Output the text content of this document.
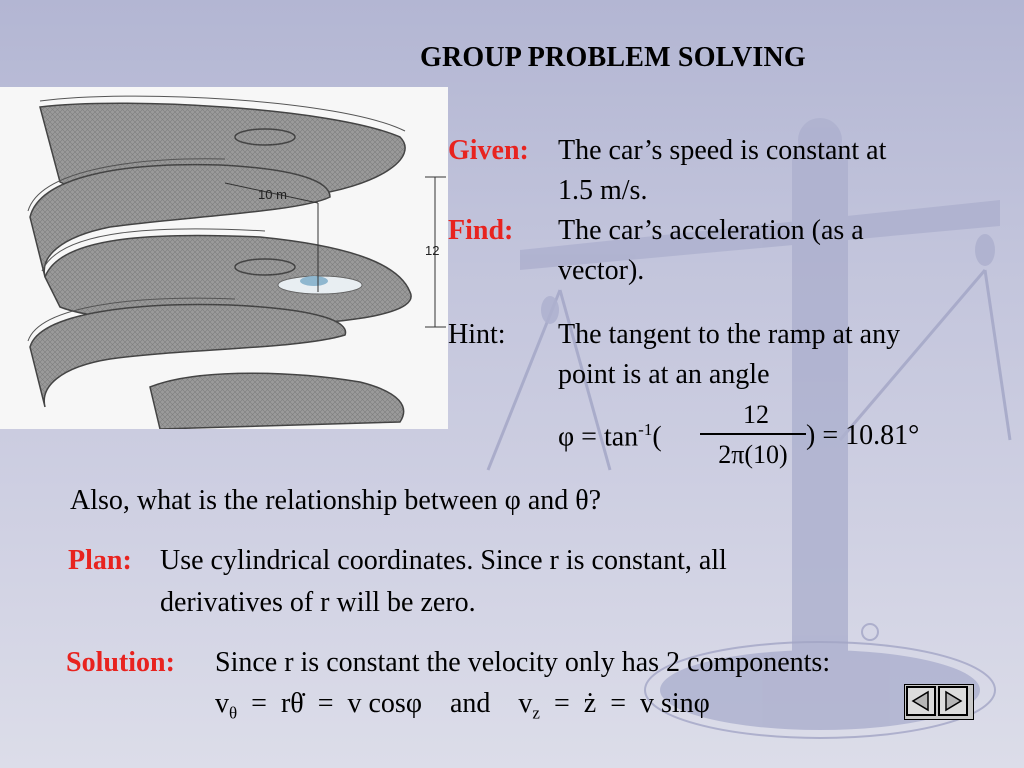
GROUP PROBLEM SOLVING
10 m
12
Given: The car’s speed is constant at
1.5 m/s.
Find: The car’s acceleration (as a
vector).
Hint: The tangent to the ramp at any
point is at an angle
$\varphi = \tan^{-1}$(
12
2π(10)
) = 10.81°
Also, what is the relationship between φ and θ?
Plan: Use cylindrical coordinates. Since r is constant, all
derivatives of r will be zero.
Solution: Since r is constant the velocity only has 2 components:
$v_\theta$  =  rθ̇  =  v cosφ    and    $v_z$  =  ż  =  v sinφ
